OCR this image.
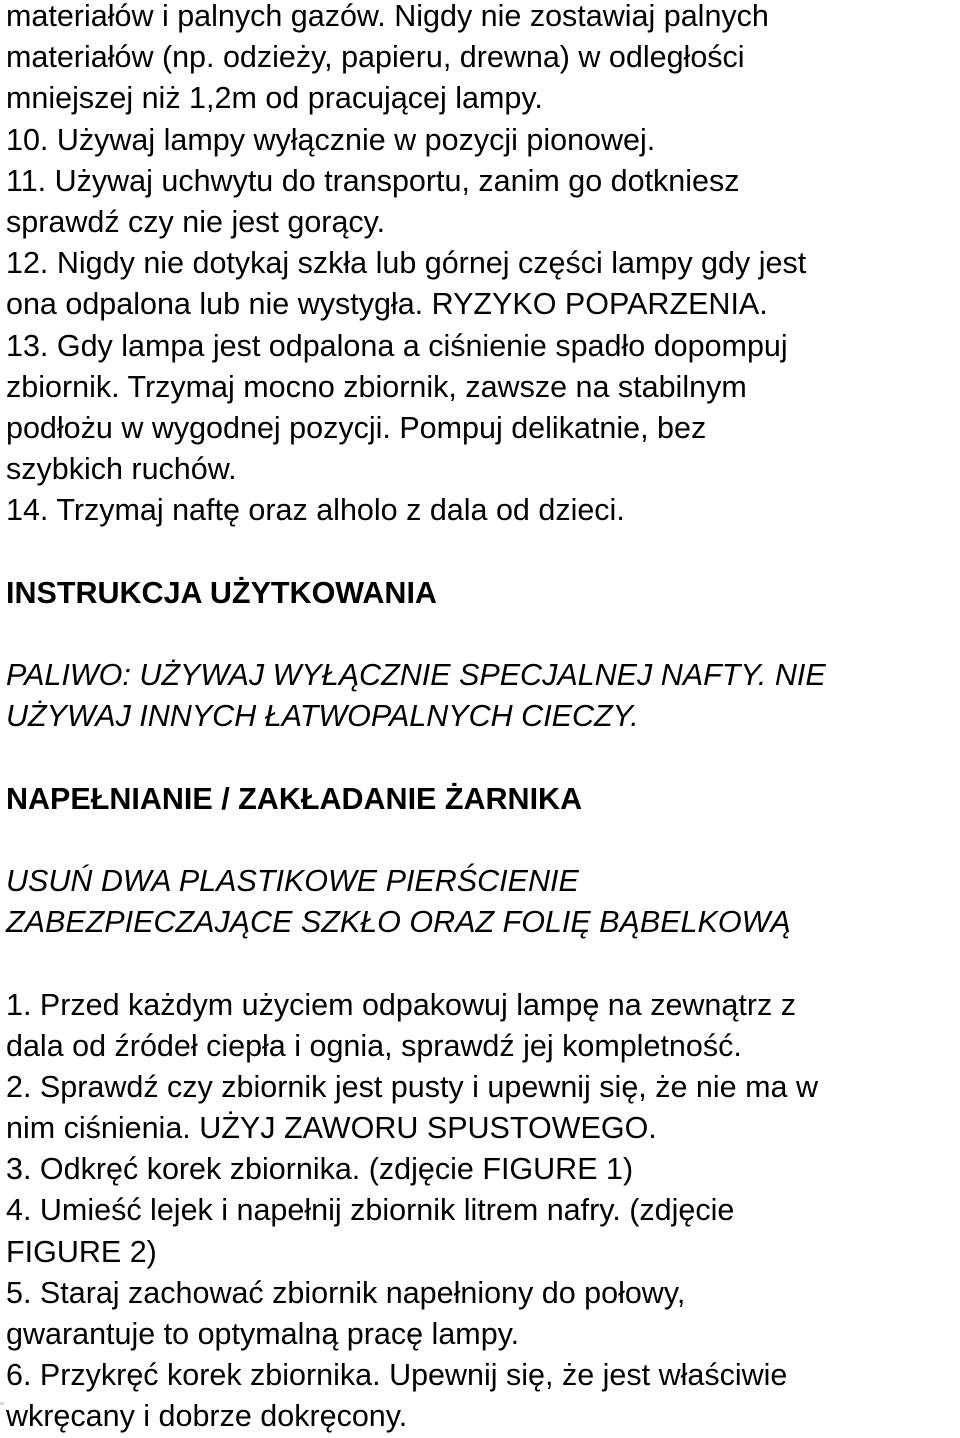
materiałów i palnych gazów. Nigdy nie zostawiaj palnych

materiałów (np. odzieży, papieru, drewna) w odległości

mniejszej niż 1,2m od pracującej lampy.

10. Używaj lampy wyłącznie w pozycji pionowej.

11. Używaj uchwytu do transportu, zanim go dotkniesz

sprawdź czy nie jest gorący.

12. Nigdy nie dotykaj szkła lub górnej części lampy gdy jest

ona odpalona lub nie wystygła. RYZYKO POPARZENIA.

13. Gdy lampa jest odpalona a ciśnienie spadło dopompuj

zbiornik. Trzymaj mocno zbiornik, zawsze na stabilnym

podłożu w wygodnej pozycji. Pompuj delikatnie, bez

szybkich ruchów.

14. Trzymaj naftę oraz alholo z dala od dzieci.

INSTRUKCJA UŻYTKOWANIA

PALIWO: UŻYWAJ WYŁĄCZNIE SPECJALNEJ NAFTY. NIE

UŻYWAJ INNYCH ŁATWOPALNYCH CIECZY.

NAPEŁNIANIE / ZAKŁADANIE ŻARNIKA

USUŃ DWA PLASTIKOWE PIERŚCIENIE

ZABEZPIECZAJĄCE SZKŁO ORAZ FOLIĘ BĄBELKOWĄ

1. Przed każdym użyciem odpakowuj lampę na zewnątrz z

dala od źródeł ciepła i ognia, sprawdź jej kompletność.

2. Sprawdź czy zbiornik jest pusty i upewnij się, że nie ma w

nim ciśnienia. UŻYJ ZAWORU SPUSTOWEGO.

3. Odkręć korek zbiornika. (zdjęcie FIGURE 1)

4. Umieść lejek i napełnij zbiornik litrem nafry. (zdjęcie

FIGURE 2)

5. Staraj zachować zbiornik napełniony do połowy,

gwarantuje to optymalną pracę lampy.

6. Przykręć korek zbiornika. Upewnij się, że jest właściwie

wkręcany i dobrze dokręcony.
